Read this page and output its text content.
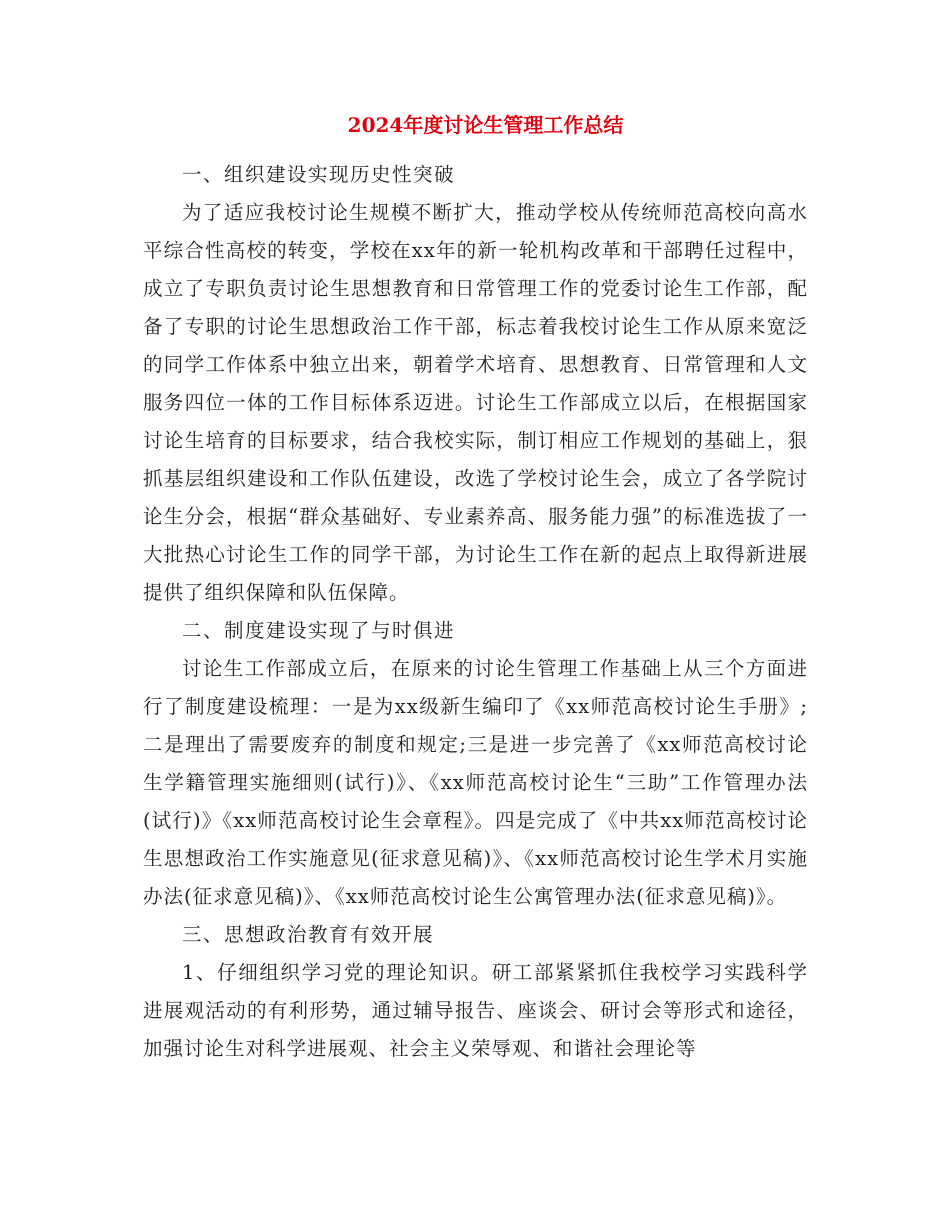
2024年度讨论生管理工作总结
一、组织建设实现历史性突破
为了适应我校讨论生规模不断扩大，推动学校从传统师范高校向高水平综合性高校的转变，学校在xx年的新一轮机构改革和干部聘任过程中，成立了专职负责讨论生思想教育和日常管理工作的党委讨论生工作部，配备了专职的讨论生思想政治工作干部，标志着我校讨论生工作从原来宽泛的同学工作体系中独立出来，朝着学术培育、思想教育、日常管理和人文服务四位一体的工作目标体系迈进。讨论生工作部成立以后，在根据国家讨论生培育的目标要求，结合我校实际，制订相应工作规划的基础上，狠抓基层组织建设和工作队伍建设，改选了学校讨论生会，成立了各学院讨论生分会，根据“群众基础好、专业素养高、服务能力强”的标准选拔了一大批热心讨论生工作的同学干部，为讨论生工作在新的起点上取得新进展提供了组织保障和队伍保障。
二、制度建设实现了与时俱进
讨论生工作部成立后，在原来的讨论生管理工作基础上从三个方面进行了制度建设梳理：一是为xx级新生编印了《xx师范高校讨论生手册》;二是理出了需要废弃的制度和规定;三是进一步完善了《xx师范高校讨论生学籍管理实施细则(试行)》、《xx师范高校讨论生“三助”工作管理办法(试行)》《xx师范高校讨论生会章程》。四是完成了《中共xx师范高校讨论生思想政治工作实施意见(征求意见稿)》、《xx师范高校讨论生学术月实施办法(征求意见稿)》、《xx师范高校讨论生公寓管理办法(征求意见稿)》。
三、思想政治教育有效开展
1、仔细组织学习党的理论知识。研工部紧紧抓住我校学习实践科学进展观活动的有利形势，通过辅导报告、座谈会、研讨会等形式和途径，加强讨论生对科学进展观、社会主义荣辱观、和谐社会理论等
